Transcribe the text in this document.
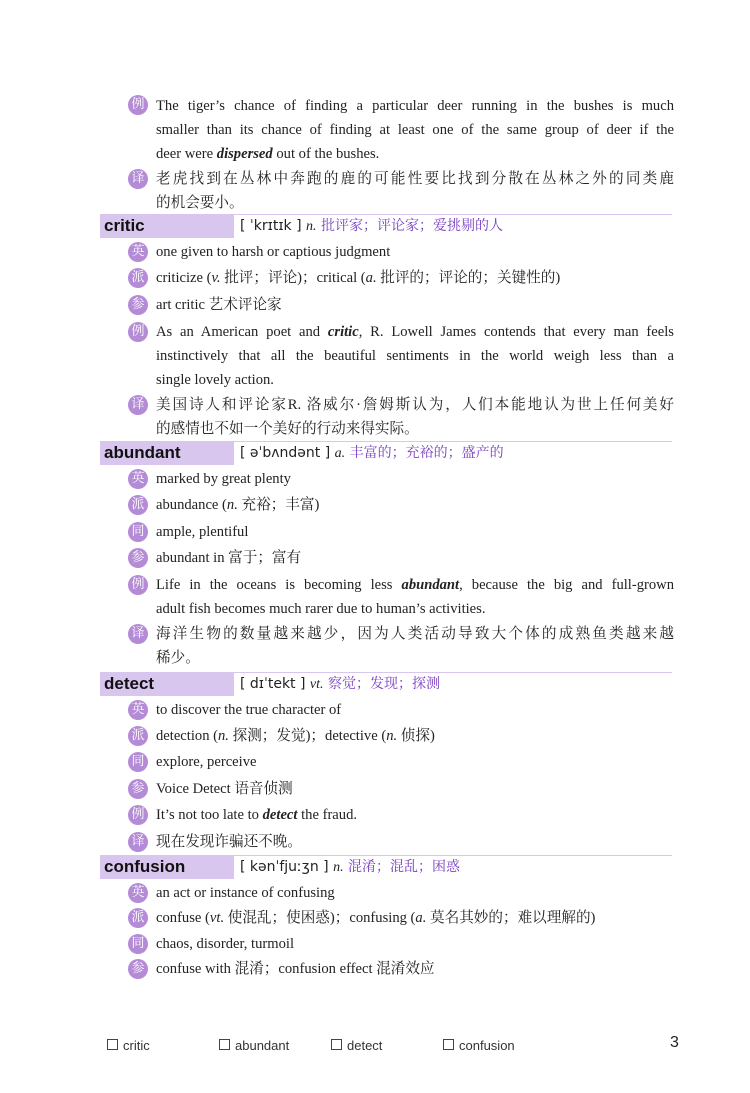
例 The tiger’s chance of finding a particular deer running in the bushes is much
smaller than its chance of finding at least one of the same group of deer if the
deer were dispersed out of the bushes.
译 老虎找到在丛林中奔跑的鹿的可能性要比找到分散在丛林之外的同类鹿
的机会要小。
critic	[ ˈkrɪtɪk ] n. 批评家；评论家；爱挑剔的人
英 one given to harsh or captious judgment
派 criticize (v. 批评；评论)；critical (a. 批评的；评论的；关键性的)
参 art critic 艺术评论家
例 As an American poet and critic, R. Lowell James contends that every man feels
instinctively that all the beautiful sentiments in the world weigh less than a
single lovely action.
译 美国诗人和评论家R. 洛威尔·詹姆斯认为，人们本能地认为世上任何美好
的感情也不如一个美好的行动来得实际。
abundant	[ əˈbʌndənt ] a. 丰富的；充裕的；盛产的
英 marked by great plenty
派 abundance (n. 充裕；丰富)
同 ample, plentiful
参 abundant in 富于；富有
例 Life in the oceans is becoming less abundant, because the big and full-grown
adult fish becomes much rarer due to human’s activities.
译 海洋生物的数量越来越少，因为人类活动导致大个体的成熟鱼类越来越
稀少。
detect	[ dɪˈtekt ] vt. 察觉；发现；探测
英 to discover the true character of
派 detection (n. 探测；发觉)；detective (n. 侦探)
同 explore, perceive
参 Voice Detect 语音侦测
例 It’s not too late to detect the fraud.
译 现在发现诈骗还不晚。
confusion	[ kənˈfjuːʒn ] n. 混淆；混乱；困惑
英 an act or instance of confusing
派 confuse (vt. 使混乱；使困惑)；confusing (a. 莫名其妙的；难以理解的)
同 chaos, disorder, turmoil
参 confuse with 混淆；confusion effect 混淆效应
critic	abundant	detect	confusion	3
